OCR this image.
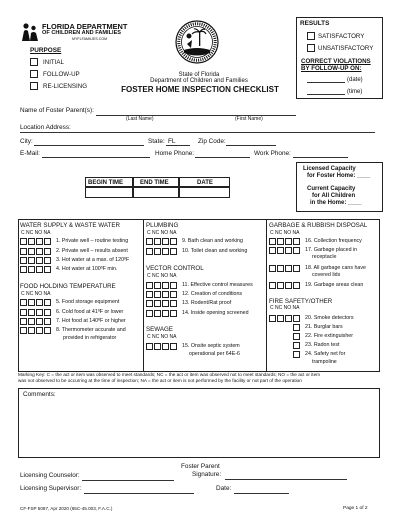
FLORIDA DEPARTMENT
OF CHILDREN AND FAMILIES
MYFLFAMILIES.COM
State of Florida
Department of Children and Families
FOSTER HOME INSPECTION CHECKLIST
PURPOSE
INITIAL
FOLLOW-UP
RE-LICENSING
RESULTS
SATISFACTORY
UNSATISFACTORY
CORRECT VIOLATIONS
BY FOLLOW-UP ON:
(date)
(time)
Name of Foster Parent(s):
(Last Name)	(First Name)
Location Address:
City:	State: FL	Zip Code:
E-Mail:	Home Phone:	Work Phone:
BEGIN TIME	END TIME	DATE
Licensed Capacity
for Foster Home: ____
Current Capacity
for All Children
in the Home: ____
WATER SUPPLY & WASTE WATER
C NC NO NA
1. Private well – routine testing
2. Private well – results absent
3. Hot water at a max. of 120ºF
4. Hot water at 100ºF min.
FOOD HOLDING TEMPERATURE
C NC NO NA
5. Food storage equipment
6. Cold food at 41ºF or lower
7. Hot food at 140ºF or higher
8. Thermometer accurate and
provided in refrigerator
PLUMBING
C NC NO NA
9. Bath clean and working
10. Toilet clean and working
VECTOR CONTROL
C NC NO NA
11. Effective control measures
12. Creation of conditions
13. Rodent/Rat proof
14. Inside opening screened
SEWAGE
C NC NO NA
15. Onsite septic system
operational per 64E-6
GARBAGE & RUBBISH DISPOSAL
C NC NO NA
16. Collection frequency
17. Garbage placed in
receptacle
18. All garbage cans have
covered lids
19. Garbage areas clean
FIRE SAFETY/OTHER
C NC NO NA
20. Smoke detectors
21. Burglar bars
22. Fire extinguisher
23. Radon test
24. Safety net for
trampoline
Marking Key: C = the act or item was observed to meet standards; NC = the act or item was observed not to meet standards; NO = the act or item
was not observed to be occurring at the time of inspection; NA = the act or item is not performed by the facility or not part of the operation
Comments:
Foster Parent
Licensing Counselor:	Signature:
Licensing Supervisor:	Date:
CF-FSP 5087, Apr 2020 (65C-45.003, F.A.C.)	Page 1 of 2
